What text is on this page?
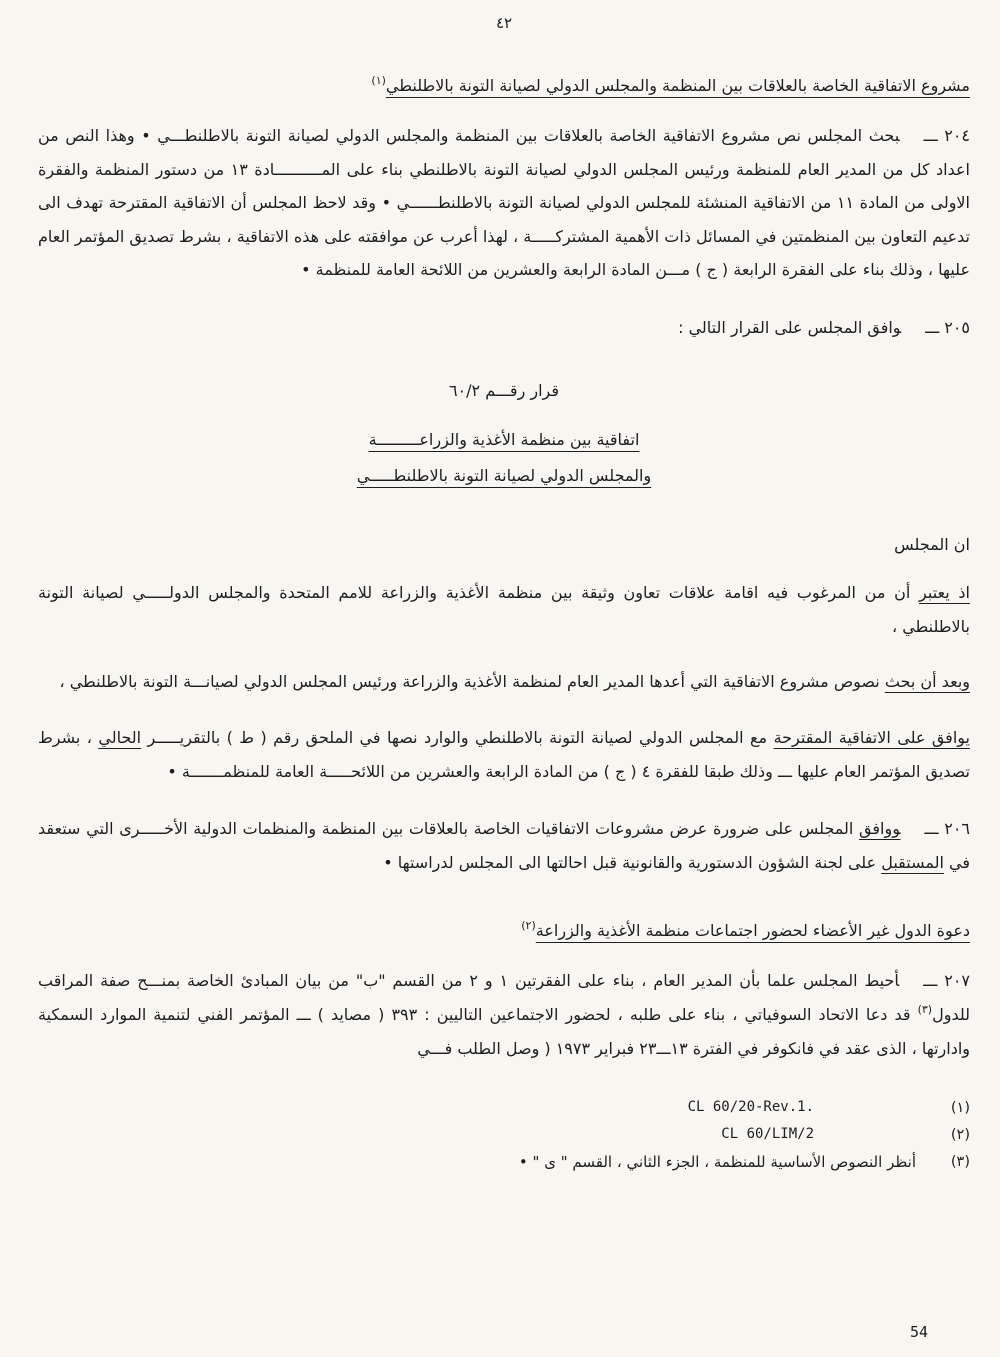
٤٢
مشروع الاتفاقية الخاصة بالعلاقات بين المنظمة والمجلس الدولي لصيانة التونة بالاطلنطي$^{(١)}$

٢٠٤ ـــبحث المجلس نص مشروع الاتفاقية الخاصة بالعلاقات بين المنظمة والمجلس الدولي لصيانة التونة بالاطلنطـــي • وهذا النص من اعداد كل من المدير العام للمنظمة ورئيس المجلس الدولي لصيانة التونة بالاطلنطي بناء على المــــــــــادة ١٣ من دستور المنظمة والفقرة الاولى من المادة ١١ من الاتفاقية المنشئة للمجلس الدولي لصيانة التونة بالاطلنطــــــي • وقد لاحظ المجلس أن الاتفاقية المقترحة تهدف الى تدعيم التعاون بين المنظمتين في المسائل ذات الأهمية المشتركـــــة ، لهذا أعرب عن موافقته على هذه الاتفاقية ، بشرط تصديق المؤتمر العام عليها ، وذلك بناء على الفقرة الرابعة ( ج ) مـــن المادة الرابعة والعشرين من اللائحة العامة للمنظمة •

٢٠٥ ـــوافق المجلس على القرار التالي :

قرار رقـــم ٦٠/٢
اتفاقية بين منظمة الأغذية والزراعـــــــــة
والمجلس الدولي لصيانة التونة بالاطلنطـــــي
ان المجلس

اذ يعتبر أن من المرغوب فيه اقامة علاقات تعاون وثيقة بين منظمة الأغذية والزراعة للامم المتحدة والمجلس الدولـــــي لصيانة التونة بالاطلنطي ،

وبعد أن بحث نصوص مشروع الاتفاقية التي أعدها المدير العام لمنظمة الأغذية والزراعة ورئيس المجلس الدولي لصيانـــة التونة بالاطلنطي ،

يوافق على الاتفاقية المقترحة مع المجلس الدولي لصيانة التونة بالاطلنطي والوارد نصها في الملحق رقم ( ط ) بالتقريـــــر الحالي ، بشرط تصديق المؤتمر العام عليها ـــ وذلك طبقا للفقرة ٤ ( ج ) من المادة الرابعة والعشرين من اللائحـــــة العامة للمنظمـــــــة •

٢٠٦ ـــووافق المجلس على ضرورة عرض مشروعات الاتفاقيات الخاصة بالعلاقات بين المنظمة والمنظمات الدولية الأخـــــرى التي ستعقد في المستقبل على لجنة الشؤون الدستورية والقانونية قبل احالتها الى المجلس لدراستها •

دعوة الدول غير الأعضاء لحضور اجتماعات منظمة الأغذية والزراعة$^{(٢)}$

٢٠٧ ـــأحيط المجلس علما بأن المدير العام ، بناء على الفقرتين ١ و ٢ من القسم "ب" من بيان المبادئ الخاصة بمنـــح صفة المراقب للدول$^{(٣)}$ قد دعا الاتحاد السوفياتي ، بناء على طلبه ، لحضور الاجتماعين التاليين : ٣٩٣ ( مصايد ) ـــ المؤتمر الفني لتنمية الموارد السمكية وادارتها ، الذى عقد في فانكوفر في الفترة ١٣ـــ٢٣ فبراير ١٩٧٣ ( وصل الطلب فـــي

(١)
CL 60/20-Rev.1.
(٢)
CL 60/LIM/2
(٣)
أنظر النصوص الأساسية للمنظمة ، الجزء الثاني ، القسم " ى " •
54
